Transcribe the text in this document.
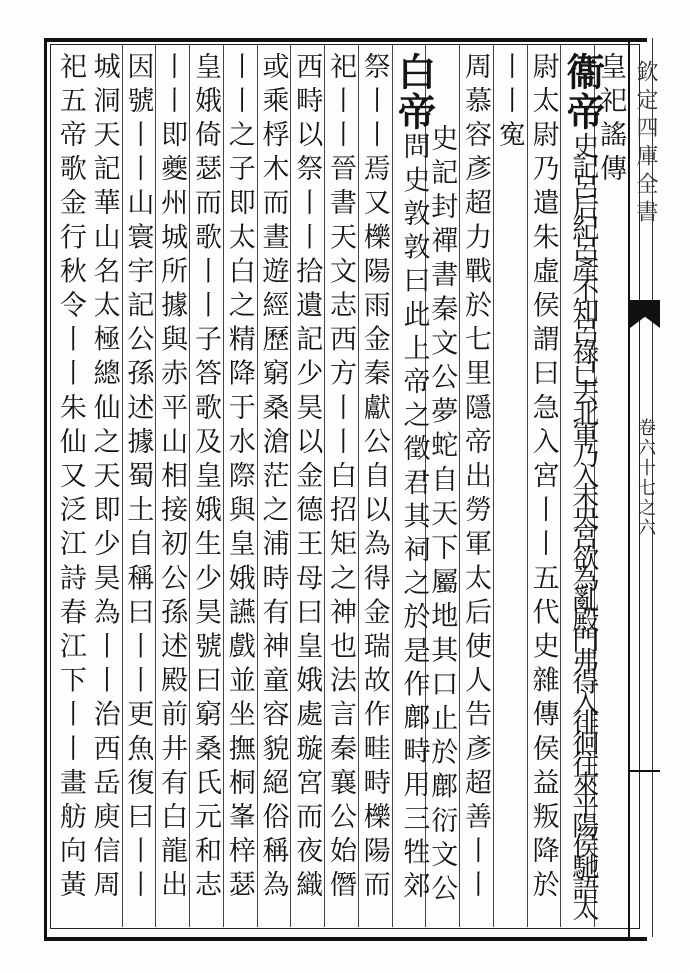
欽定四庫全書
卷六十七之六
皇祀謠傳
衞帝史記呂后紀呂產不知呂祿已去北軍乃入未央宮欲為亂殿門弗得入徘徊往來平陽侯馳語太
尉太尉乃遣朱虛侯謂曰急入宮丨丨五代史雜傳侯益叛降於
丨丨寃
周慕容彥超力戰於七里隱帝出勞軍太后使人告彥超善丨丨
史記封禪書秦文公夢蛇自天下屬地其口止於鄜衍文公
白帝問史敦敦曰此上帝之徵君其祠之於是作鄜畤用三牲郊
祭丨丨焉又櫟陽雨金秦獻公自以為得金瑞故作畦畤櫟陽而
祀丨丨晉書天文志西方丨丨白招矩之神也法言秦襄公始僭
西畤以祭丨丨拾遺記少昊以金德王母曰皇娥處璇宮而夜織
或乘桴木而晝遊經歷窮桑滄茫之浦時有神童容貌絕俗稱為
丨丨之子即太白之精降于水際與皇娥讌戲並坐撫桐峯梓瑟
皇娥倚瑟而歌丨丨子答歌及皇娥生少昊號曰窮桑氏元和志
丨丨即夔州城所據與赤平山相接初公孫述殿前井有白龍出
因號丨丨山寰宇記公孫述據蜀土自稱曰丨丨更魚復曰丨丨
城洞天記華山名太極總仙之天即少昊為丨丨治西岳庾信周
祀五帝歌金行秋令丨丨朱仙又泛江詩春江下丨丨畫舫向黃
